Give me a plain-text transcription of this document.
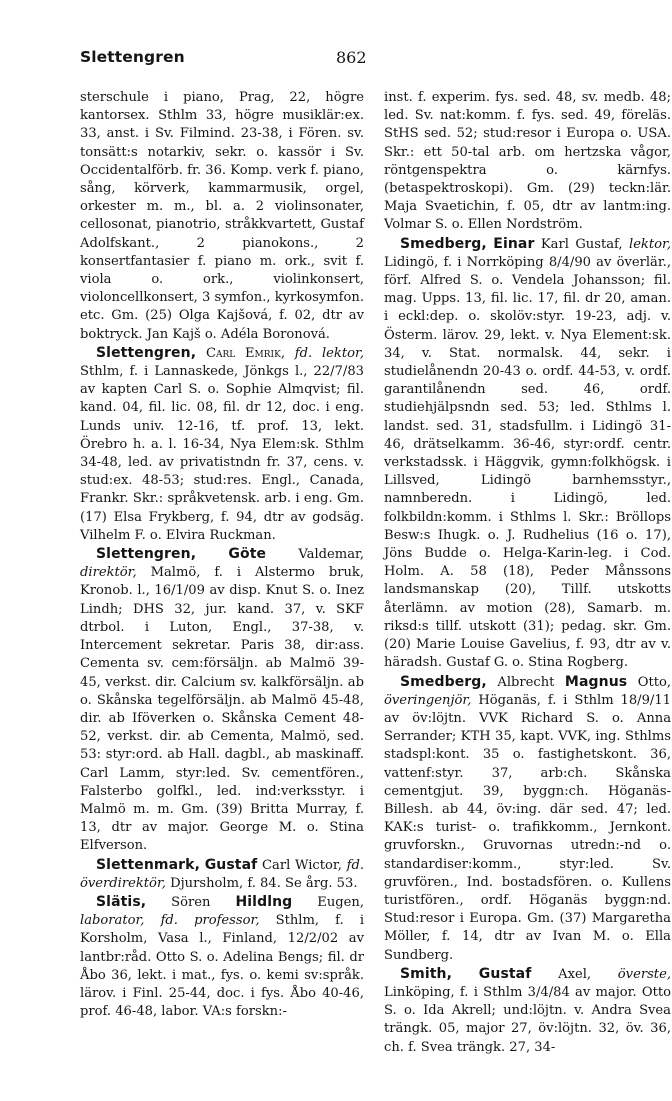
Slettengren	862

sterschule i piano, Prag, 22, högre kantorsex. Sthlm 33, högre musiklär:ex. 33, anst. i Sv. Filmind. 23-38, i Fören. sv. tonsätt:s notarkiv, sekr. o. kassör i Sv. Occidentalförb. fr. 36. Komp. verk f. piano, sång, körverk, kammarmusik, orgel, orkester m. m., bl. a. 2 violinsonater, cellosonat, pianotrio, stråkkvartett, Gustaf Adolfskant., 2 pianokons., 2 konsertfantasier f. piano m. ork., svit f. viola o. ork., violinkonsert, violoncellkonsert, 3 symfon., kyrkosymfon. etc. Gm. (25) Olga Kajšová, f. 02, dtr av boktryck. Jan Kajš o. Adéla Boronová.

Slettengren, Carl Emrik, fd. lektor, Sthlm, f. i Lannaskede, Jönkgs l., 22/7/83 av kapten Carl S. o. Sophie Almqvist; fil. kand. 04, fil. lic. 08, fil. dr 12, doc. i eng. Lunds univ. 12-16, tf. prof. 13, lekt. Örebro h. a. l. 16-34, Nya Elem:sk. Sthlm 34-48, led. av privatistndn fr. 37, cens. v. stud:ex. 48-53; stud:res. Engl., Canada, Frankr. Skr.: språkvetensk. arb. i eng. Gm. (17) Elsa Frykberg, f. 94, dtr av godsäg. Vilhelm F. o. Elvira Ruckman.

Slettengren, Göte Valdemar, direktör, Malmö, f. i Alstermo bruk, Kronob. l., 16/1/09 av disp. Knut S. o. Inez Lindh; DHS 32, jur. kand. 37, v. SKF dtrbol. i Luton, Engl., 37-38, v. Intercement sekretar. Paris 38, dir:ass. Cementa sv. cem:försäljn. ab Malmö 39-45, verkst. dir. Calcium sv. kalkförsäljn. ab o. Skånska tegelförsäljn. ab Malmö 45-48, dir. ab Iföverken o. Skånska Cement 48-52, verkst. dir. ab Cementa, Malmö, sed. 53: styr:ord. ab Hall. dagbl., ab maskinaff. Carl Lamm, styr:led. Sv. cementfören., Falsterbo golfkl., led. ind:verksstyr. i Malmö m. m. Gm. (39) Britta Murray, f. 13, dtr av major. George M. o. Stina Elfverson.

Slettenmark, Gustaf Carl Wictor, fd. överdirektör, Djursholm, f. 84. Se årg. 53.

Slätis, Sören Hildlng Eugen, laborator, fd. professor, Sthlm, f. i Korsholm, Vasa l., Finland, 12/2/02 av lantbr:råd. Otto S. o. Adelina Bengs; fil. dr Åbo 36, lekt. i mat., fys. o. kemi sv:språk. lärov. i Finl. 25-44, doc. i fys. Åbo 40-46, prof. 46-48, labor. VA:s forskn:-

inst. f. experim. fys. sed. 48, sv. medb. 48; led. Sv. nat:komm. f. fys. sed. 49, föreläs. StHS sed. 52; stud:resor i Europa o. USA. Skr.: ett 50-tal arb. om hertzska vågor, röntgenspektra o. kärnfys. (betaspektroskopi). Gm. (29) teckn:lär. Maja Svaetichin, f. 05, dtr av lantm:ing. Volmar S. o. Ellen Nordström.

Smedberg, Einar Karl Gustaf, lektor, Lidingö, f. i Norrköping 8/4/90 av överlär., förf. Alfred S. o. Vendela Johansson; fil. mag. Upps. 13, fil. lic. 17, fil. dr 20, aman. i eckl:dep. o. skolöv:styr. 19-23, adj. v. Österm. lärov. 29, lekt. v. Nya Element:sk. 34, v. Stat. normalsk. 44, sekr. i studielånendn 20-43 o. ordf. 44-53, v. ordf. garantilånendn sed. 46, ordf. studiehjälpsndn sed. 53; led. Sthlms l. landst. sed. 31, stadsfullm. i Lidingö 31-46, drätselkamm. 36-46, styr:ordf. centr. verkstadssk. i Häggvik, gymn:folkhögsk. i Lillsved, Lidingö barnhemsstyr., namnberedn. i Lidingö, led. folkbildn:komm. i Sthlms l. Skr.: Bröllops Besw:s Ihugk. o. J. Rudhelius (16 o. 17), Jöns Budde o. Helga-Karin-leg. i Cod. Holm. A. 58 (18), Peder Månssons landsmanskap (20), Tillf. utskotts återlämn. av motion (28), Samarb. m. riksd:s tillf. utskott (31); pedag. skr. Gm. (20) Marie Louise Gavelius, f. 93, dtr av v. häradsh. Gustaf G. o. Stina Rogberg.

Smedberg, Albrecht Magnus Otto, överingenjör, Höganäs, f. i Sthlm 18/9/11 av öv:löjtn. VVK Richard S. o. Anna Serrander; KTH 35, kapt. VVK, ing. Sthlms stadspl:kont. 35 o. fastighetskont. 36, vattenf:styr. 37, arb:ch. Skånska cementgjut. 39, byggn:ch. Höganäs-Billesh. ab 44, öv:ing. där sed. 47; led. KAK:s turist- o. trafikkomm., Jernkont. gruvforskn., Gruvornas utredn:-nd o. standardiser:komm., styr:led. Sv. gruvfören., Ind. bostadsfören. o. Kullens turistfören., ordf. Höganäs byggn:nd. Stud:resor i Europa. Gm. (37) Margaretha Möller, f. 14, dtr av Ivan M. o. Ella Sundberg.

Smith, Gustaf Axel, överste, Linköping, f. i Sthlm 3/4/84 av major. Otto S. o. Ida Akrell; und:löjtn. v. Andra Svea trängk. 05, major 27, öv:löjtn. 32, öv. 36, ch. f. Svea trängk. 27, 34-
